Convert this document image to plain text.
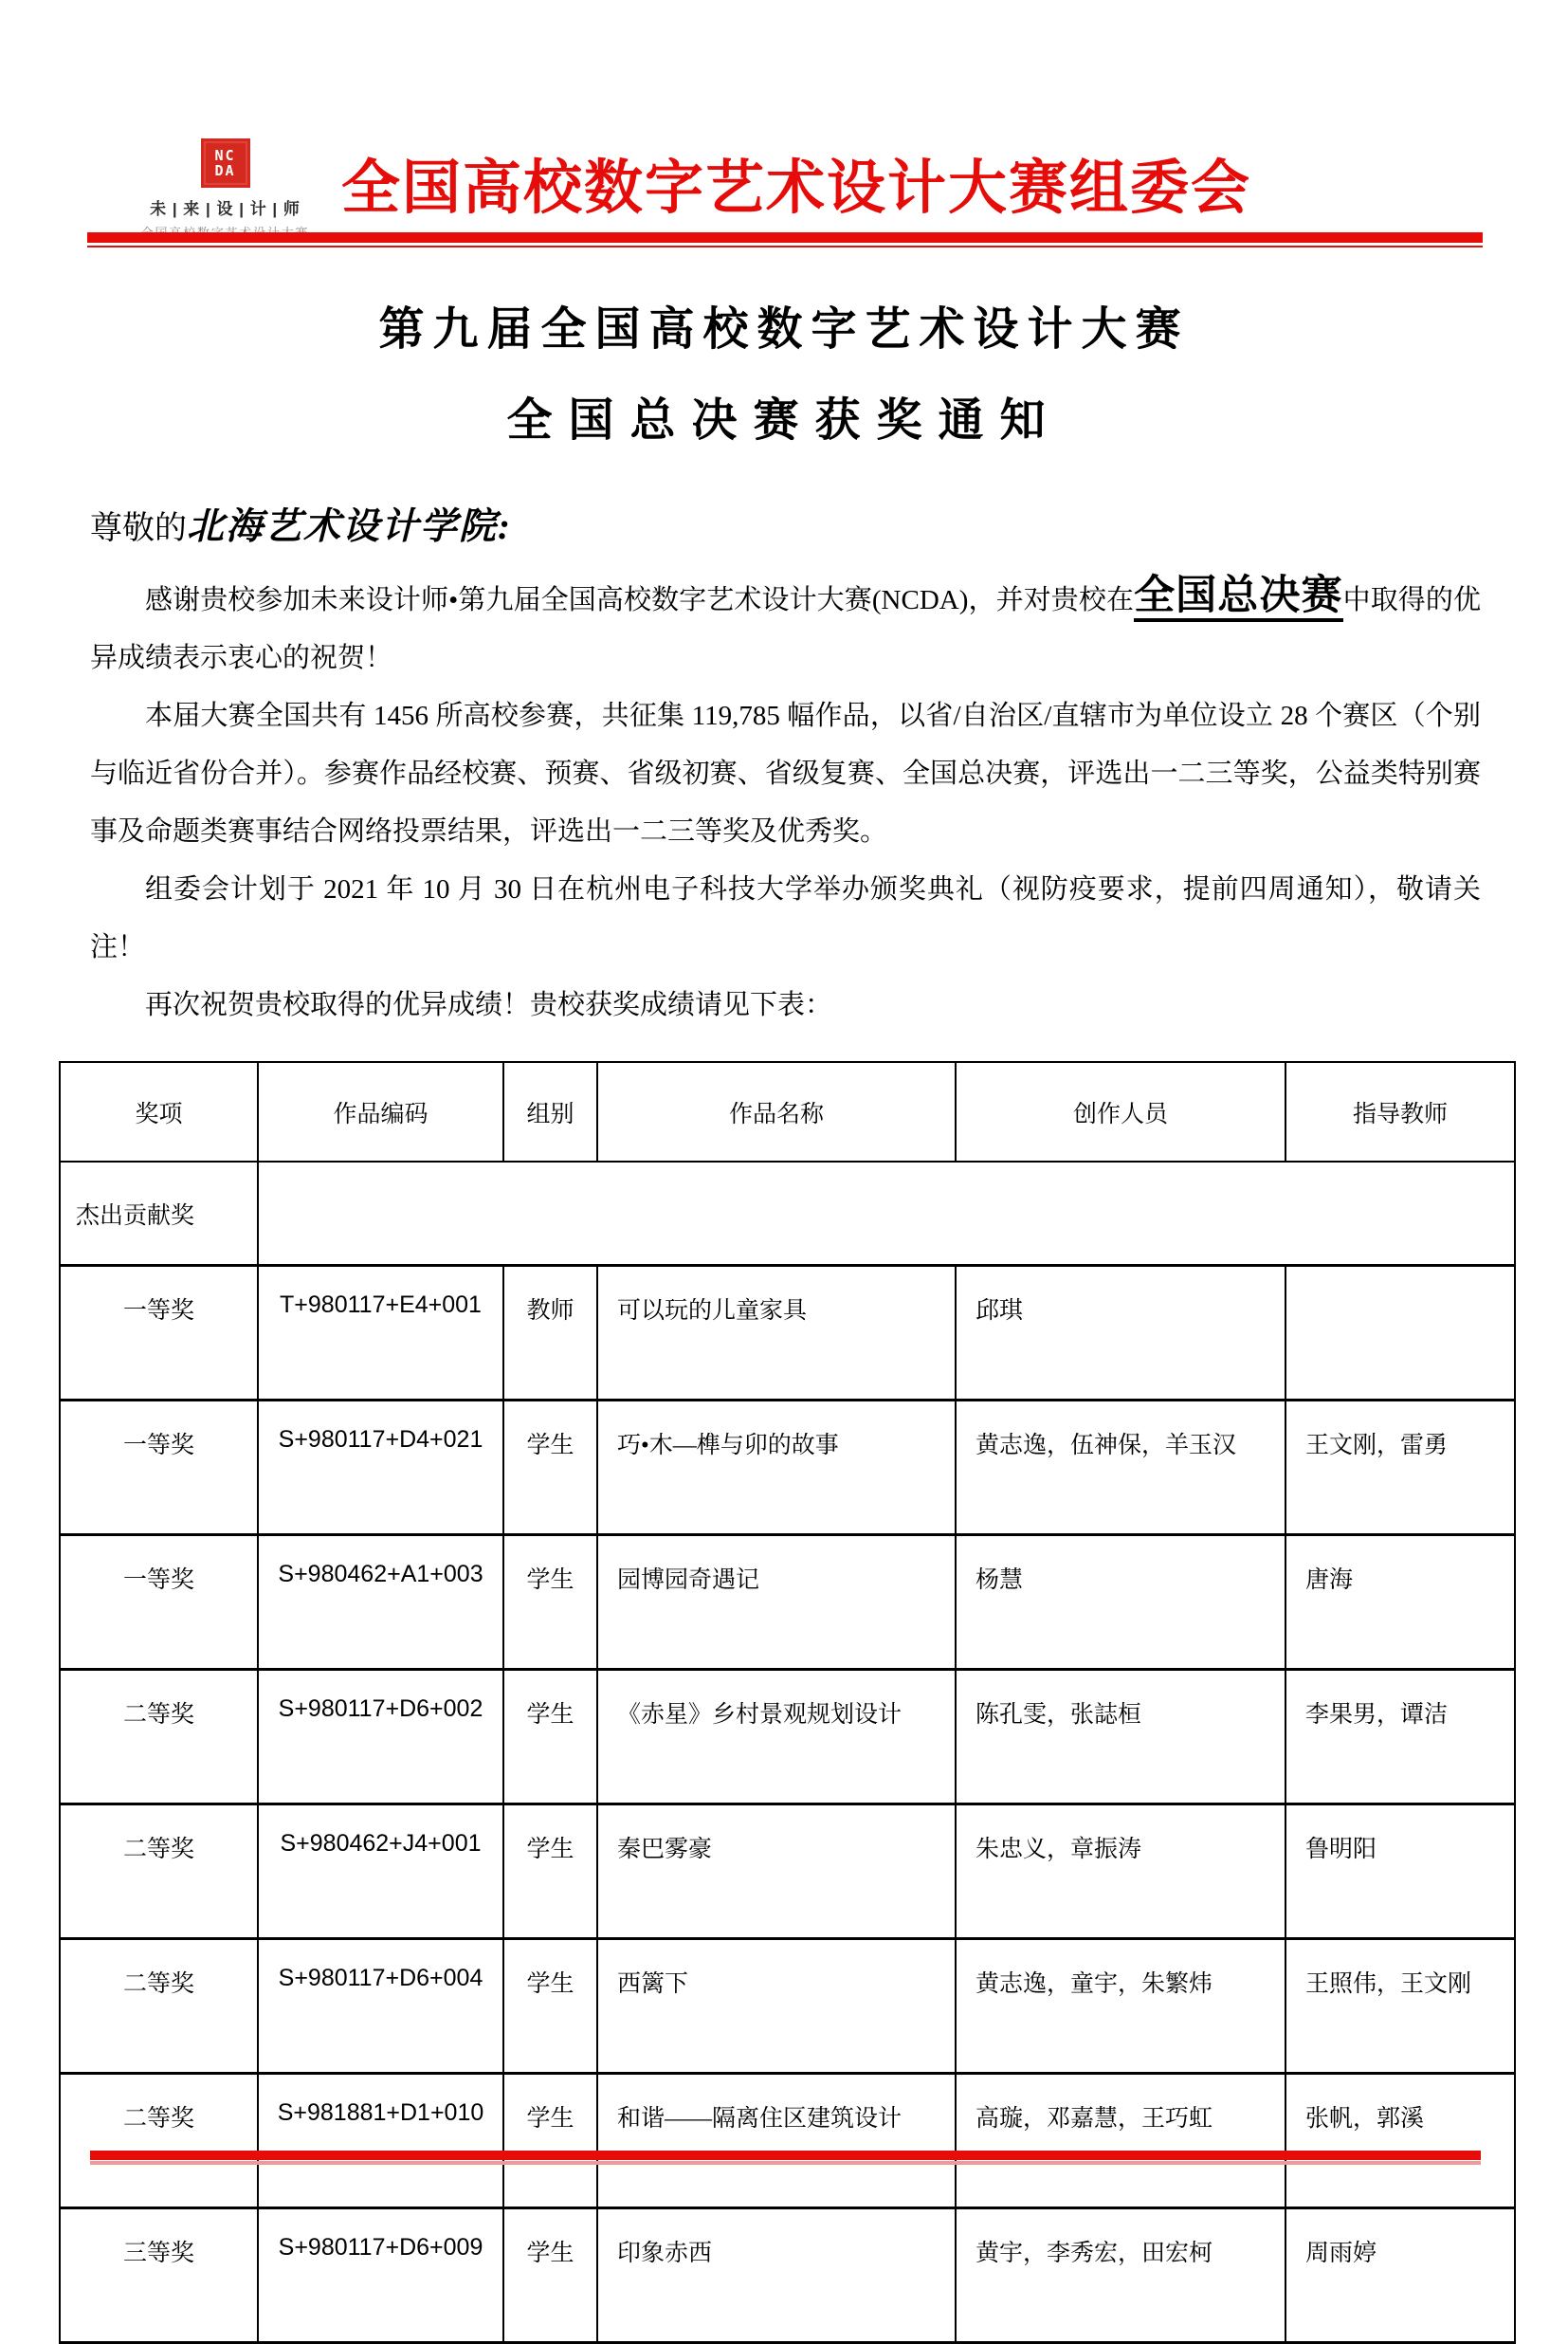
NC
DA
未 | 来 | 设 | 计 | 师 全国高校数字艺术设计大赛组委会
第九届全国高校数字艺术设计大赛
全国总决赛获奖通知
尊敬的北海艺术设计学院:
感谢贵校参加未来设计师•第九届全国高校数字艺术设计大赛(NCDA)，并对贵校在全国总决赛中取得的优异成绩表示衷心的祝贺！
本届大赛全国共有 1456 所高校参赛，共征集 119,785 幅作品，以省/自治区/直辖市为单位设立 28 个赛区（个别与临近省份合并）。参赛作品经校赛、预赛、省级初赛、省级复赛、全国总决赛，评选出一二三等奖，公益类特别赛事及命题类赛事结合网络投票结果，评选出一二三等奖及优秀奖。
组委会计划于 2021 年 10 月 30 日在杭州电子科技大学举办颁奖典礼（视防疫要求，提前四周通知），敬请关注！
再次祝贺贵校取得的优异成绩！贵校获奖成绩请见下表：
奖项	作品编码	组别	作品名称	创作人员	指导教师
杰出贡献奖					
一等奖	T+980117+E4+001	教师	可以玩的儿童家具	邱琪	
一等奖	S+980117+D4+021	学生	巧•木—榫与卯的故事	黄志逸，伍神保，羊玉汉	王文刚，雷勇
一等奖	S+980462+A1+003	学生	园博园奇遇记	杨慧	唐海
二等奖	S+980117+D6+002	学生	《赤星》乡村景观规划设计	陈孔雯，张誌桓	李果男，谭洁
二等奖	S+980462+J4+001	学生	秦巴雾豪	朱忠义，章振涛	鲁明阳
二等奖	S+980117+D6+004	学生	西篱下	黄志逸，童宇，朱繁炜	王照伟，王文刚
二等奖	S+981881+D1+010	学生	和谐——隔离住区建筑设计	高璇，邓嘉慧，王巧虹	张帆，郭溪
三等奖	S+980117+D6+009	学生	印象赤西	黄宇，李秀宏，田宏柯	周雨婷
